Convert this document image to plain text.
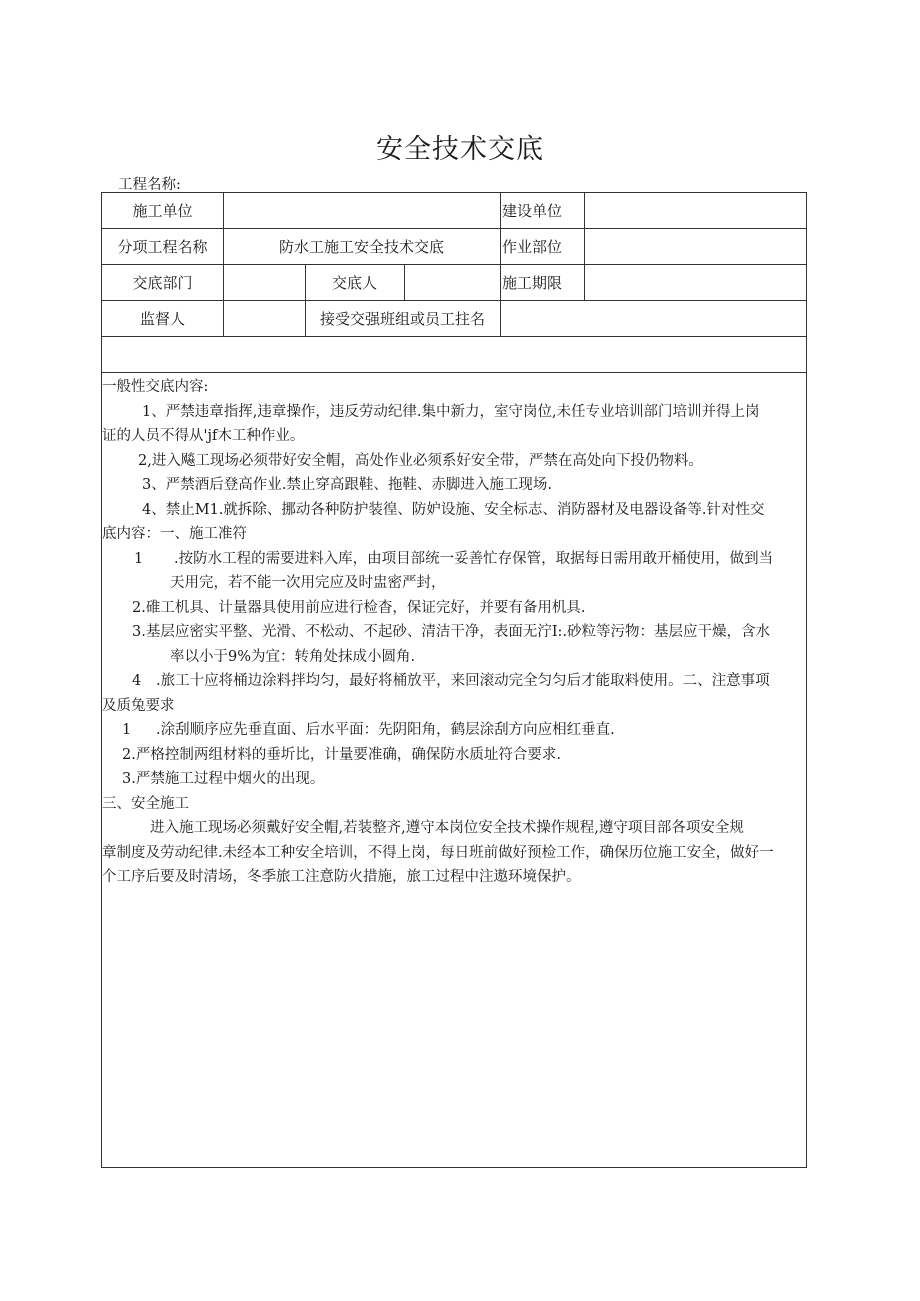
安全技术交底
工程名称:
施工单位	建设单位
分项工程名称	防水工施工安全技术交底	作业部位
交底部门	交底人	施工期限
监督人	接受交强班组或员工拄名
一般性交底内容:
1、严禁违章指挥,违章操作，违反劳动纪律.集中新力，室守岗位,未任专业培训部门培训并得上岗
证的人员不得从'jf木工种作业。
2,进入飚工现场必须带好安全帽，高处作业必须系好安全带，严禁在高处向下投仍物料。
3、严禁酒后登高作业.禁止穿高跟鞋、拖鞋、赤脚进入施工现场.
4、禁止M1.就拆除、挪动各种防护装徨、防妒设施、安全标志、消防器材及电器设备等.针对性交
底内容：一、施工准符
1 .按防水工程的需要进料入库，由项目部统一妥善忙存保管，取据每日需用敢开桶使用，做到当
天用完，若不能一次用完应及时盅密严封，
2.碓工机具、计量器具使用前应进行检杳，保证完好，并要有备用机具.
3.基层应密实平整、光滑、不松动、不起砂、清洁干净，表面无泞I:.砂粒等污物：基层应干燥，含水
率以小于9%为宜：转角处抹成小圆角.
4 .旅工十应将桶边涂料拌均匀，最好将桶放平，来回滚动完全匀匀后才能取料使用。二、注意事项
及质兔要求
1 .涂刮顺序应先垂直面、后水平面：先阴阳角，鹤层涂刮方向应相红垂直.
2.严格控制两组材料的垂圻比，计量要准确，确保防水质址符合要求.
3.严禁施工过程中烟火的出现。
三、安全施工
进入施工现场必须戴好安全帽,若装整齐,遵守本岗位安全技术操作规程,遵守项目部各项安全规
章制度及劳动纪律.未经本工种安全培训，不得上岗，每日班前做好预检工作，确保历位施工安全，做好一
个工序后要及时清场，冬季旅工注意防火措施，旅工过程中注遨环境保护。
